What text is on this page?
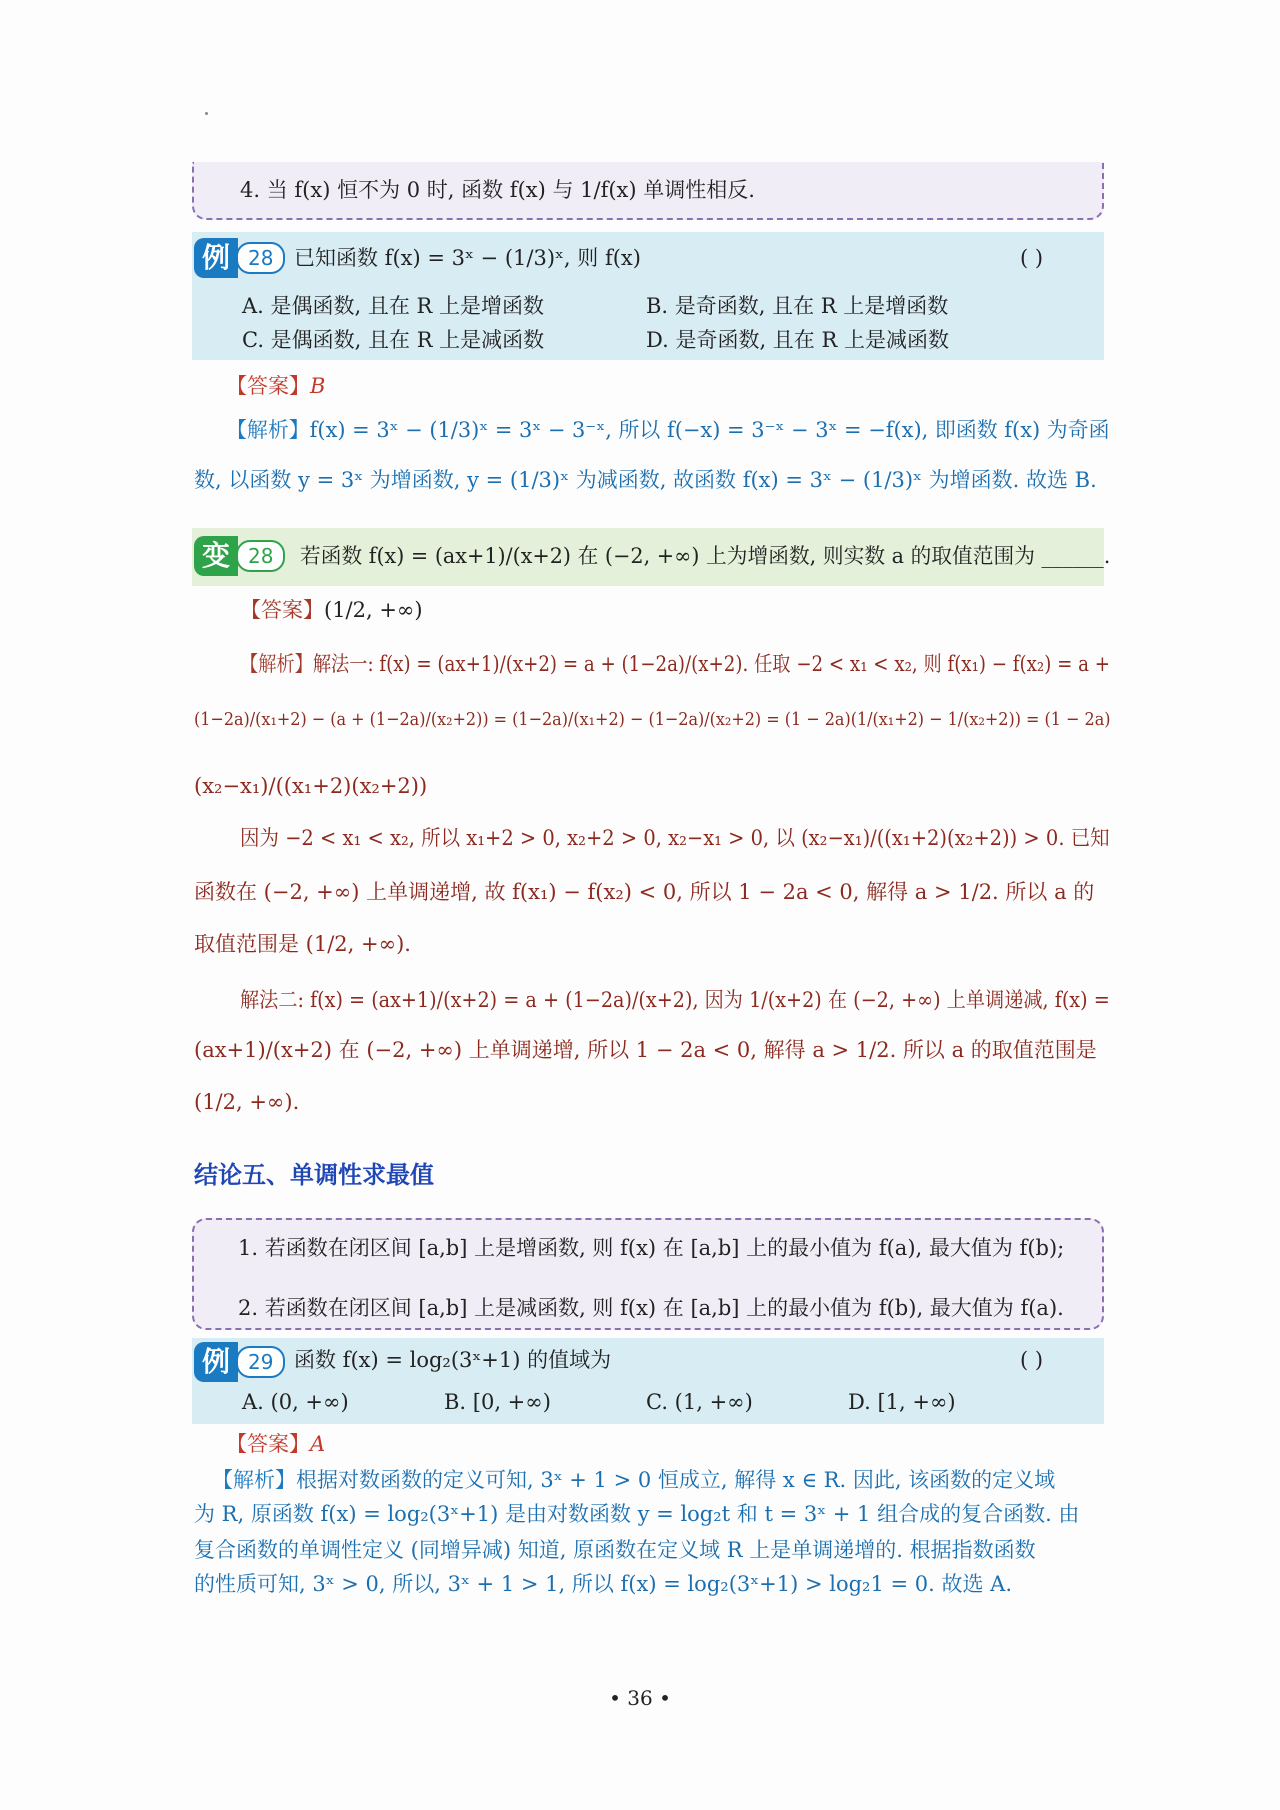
4. 当 f(x) 恒不为 0 时, 函数 f(x) 与 1/f(x) 单调性相反.
例 28 已知函数 f(x) = 3ˣ − (1/3)ˣ, 则 f(x)	( )
A. 是偶函数, 且在 R 上是增函数	B. 是奇函数, 且在 R 上是增函数
C. 是偶函数, 且在 R 上是减函数	D. 是奇函数, 且在 R 上是减函数
【答案】B
【解析】f(x) = 3ˣ − (1/3)ˣ = 3ˣ − 3⁻ˣ, 所以 f(−x) = 3⁻ˣ − 3ˣ = −f(x), 即函数 f(x) 为奇函
数, 以函数 y = 3ˣ 为增函数, y = (1/3)ˣ 为减函数, 故函数 f(x) = 3ˣ − (1/3)ˣ 为增函数. 故选 B.
变 28	若函数 f(x) = (ax+1)/(x+2) 在 (−2, +∞) 上为增函数, 则实数 a 的取值范围为 ______.
【答案】(1/2, +∞)
【解析】解法一: f(x) = (ax+1)/(x+2) = a + (1−2a)/(x+2). 任取 −2 < x₁ < x₂, 则 f(x₁) − f(x₂) = a +
(1−2a)/(x₁+2) − (a + (1−2a)/(x₂+2)) = (1−2a)/(x₁+2) − (1−2a)/(x₂+2) = (1 − 2a)(1/(x₁+2) − 1/(x₂+2)) = (1 − 2a)
(x₂−x₁)/((x₁+2)(x₂+2))
因为 −2 < x₁ < x₂, 所以 x₁+2 > 0, x₂+2 > 0, x₂−x₁ > 0, 以 (x₂−x₁)/((x₁+2)(x₂+2)) > 0. 已知
函数在 (−2, +∞) 上单调递增, 故 f(x₁) − f(x₂) < 0, 所以 1 − 2a < 0, 解得 a > 1/2. 所以 a 的
取值范围是 (1/2, +∞).
解法二: f(x) = (ax+1)/(x+2) = a + (1−2a)/(x+2), 因为 1/(x+2) 在 (−2, +∞) 上单调递减, f(x) =
(ax+1)/(x+2) 在 (−2, +∞) 上单调递增, 所以 1 − 2a < 0, 解得 a > 1/2. 所以 a 的取值范围是
(1/2, +∞).
结论五、单调性求最值
1. 若函数在闭区间 [a,b] 上是增函数, 则 f(x) 在 [a,b] 上的最小值为 f(a), 最大值为 f(b);
2. 若函数在闭区间 [a,b] 上是减函数, 则 f(x) 在 [a,b] 上的最小值为 f(b), 最大值为 f(a).
例 29 函数 f(x) = log₂(3ˣ+1) 的值域为	( )
A. (0, +∞)	B. [0, +∞)	C. (1, +∞)	D. [1, +∞)
【答案】A
【解析】根据对数函数的定义可知, 3ˣ + 1 > 0 恒成立, 解得 x ∈ R. 因此, 该函数的定义域
为 R, 原函数 f(x) = log₂(3ˣ+1) 是由对数函数 y = log₂t 和 t = 3ˣ + 1 组合成的复合函数. 由
复合函数的单调性定义 (同增异减) 知道, 原函数在定义域 R 上是单调递增的. 根据指数函数
的性质可知, 3ˣ > 0, 所以, 3ˣ + 1 > 1, 所以 f(x) = log₂(3ˣ+1) > log₂1 = 0. 故选 A.
• 36 •
